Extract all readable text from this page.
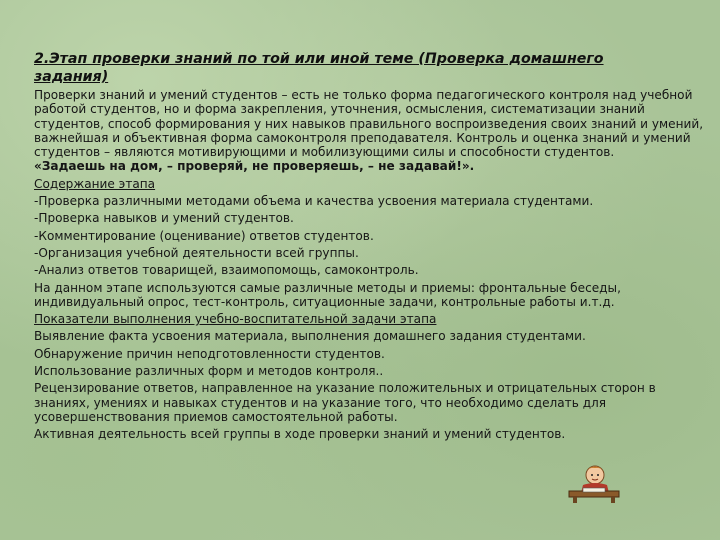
2.Этап проверки знаний по той или иной теме (Проверка домашнего задания)

Проверки знаний и умений студентов – есть не только форма педагогического контроля над учебной работой студентов, но и форма закрепления, уточнения, осмысления, систематизации знаний студентов, способ формирования у них навыков правильного воспроизведения своих знаний и умений, важнейшая и объективная форма самоконтроля преподавателя. Контроль и оценка знаний и умений студентов – являются мотивирующими и мобилизующими силы и способности студентов.

«Задаешь на дом, – проверяй, не проверяешь, – не задавай!».

Содержание этапа

-Проверка различными методами объема и качества усвоения материала студентами.

-Проверка навыков и умений студентов.

-Комментирование (оценивание) ответов студентов.

-Организация учебной деятельности всей группы.

-Анализ ответов товарищей, взаимопомощь, самоконтроль.

На данном этапе используются самые различные методы и приемы: фронтальные беседы, индивидуальный опрос, тест-контроль, ситуационные задачи, контрольные работы и.т.д.

Показатели выполнения учебно-воспитательной задачи этапа

Выявление факта усвоения материала, выполнения домашнего задания студентами.

Обнаружение причин неподготовленности студентов.

Использование различных форм и методов контроля..

Рецензирование ответов, направленное на указание положительных и отрицательных сторон в знаниях, умениях и навыках студентов и на указание того, что необходимо сделать для усовершенствования приемов самостоятельной работы.

Активная деятельность всей группы в ходе проверки знаний и умений студентов.
